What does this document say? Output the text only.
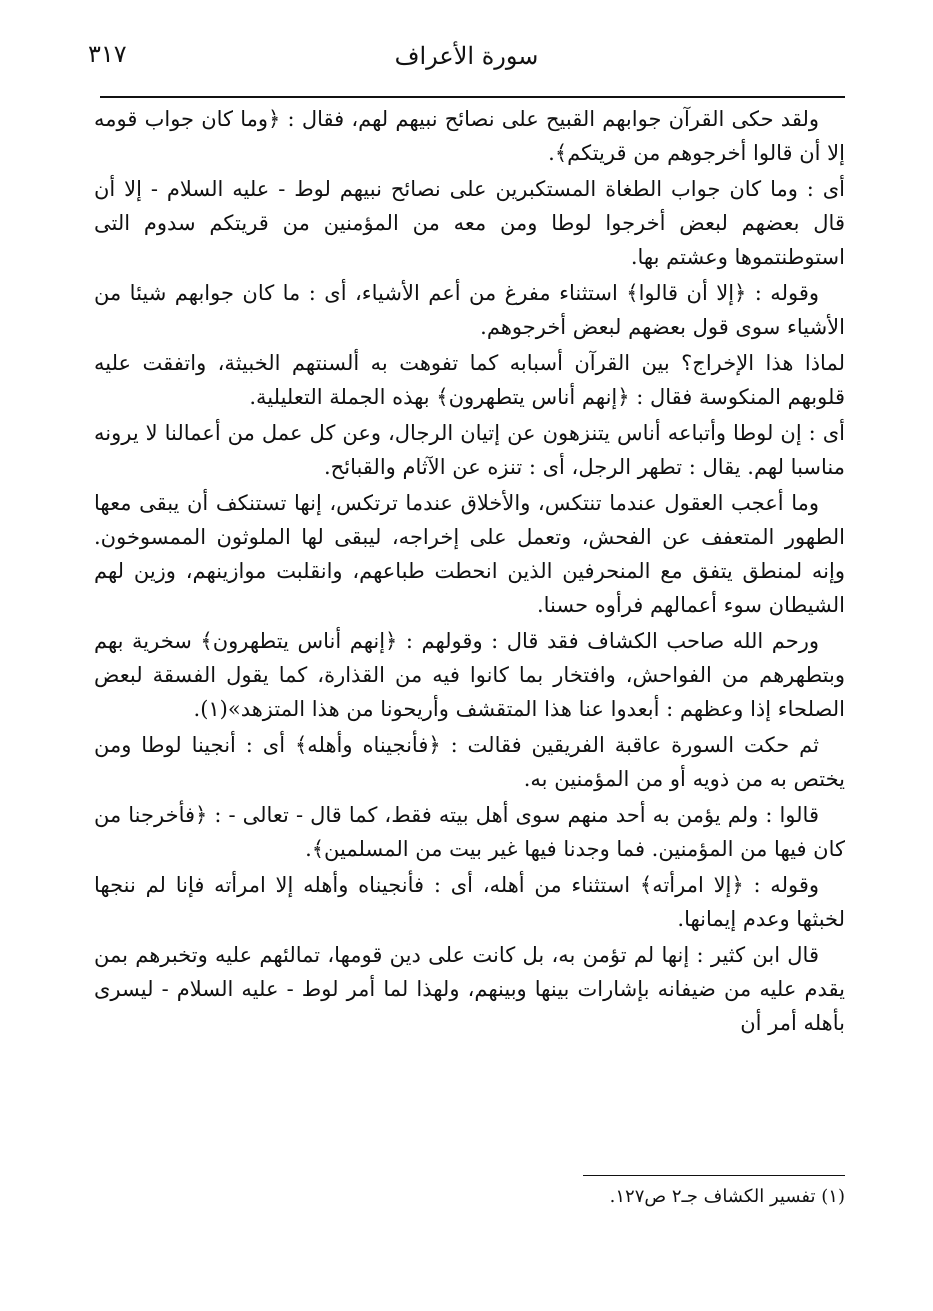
٣١٧	سورة الأعراف

ولقد حكى القرآن جوابهم القبيح على نصائح نبيهم لهم، فقال : ﴿وما كان جواب قومه إلا أن قالوا أخرجوهم من قريتكم﴾.

أى : وما كان جواب الطغاة المستكبرين على نصائح نبيهم لوط - عليه السلام - إلا أن قال بعضهم لبعض أخرجوا لوطا ومن معه من المؤمنين من قريتكم سدوم التى استوطنتموها وعشتم بها.

وقوله : ﴿إلا أن قالوا﴾ استثناء مفرغ من أعم الأشياء، أى : ما كان جوابهم شيئا من الأشياء سوى قول بعضهم لبعض أخرجوهم.

لماذا هذا الإخراج؟ بين القرآن أسبابه كما تفوهت به ألسنتهم الخبيثة، واتفقت عليه قلوبهم المنكوسة فقال : ﴿إنهم أناس يتطهرون﴾ بهذه الجملة التعليلية.

أى : إن لوطا وأتباعه أناس يتنزهون عن إتيان الرجال، وعن كل عمل من أعمالنا لا يرونه مناسبا لهم. يقال : تطهر الرجل، أى : تنزه عن الآثام والقبائح.

وما أعجب العقول عندما تنتكس، والأخلاق عندما ترتكس، إنها تستنكف أن يبقى معها الطهور المتعفف عن الفحش، وتعمل على إخراجه، ليبقى لها الملوثون الممسوخون. وإنه لمنطق يتفق مع المنحرفين الذين انحطت طباعهم، وانقلبت موازينهم، وزين لهم الشيطان سوء أعمالهم فرأوه حسنا.

ورحم الله صاحب الكشاف فقد قال : وقولهم : ﴿إنهم أناس يتطهرون﴾ سخرية بهم وبتطهرهم من الفواحش، وافتخار بما كانوا فيه من القذارة، كما يقول الفسقة لبعض الصلحاء إذا وعظهم : أبعدوا عنا هذا المتقشف وأريحونا من هذا المتزهد»(١).

ثم حكت السورة عاقبة الفريقين فقالت : ﴿فأنجيناه وأهله﴾ أى : أنجينا لوطا ومن يختص به من ذويه أو من المؤمنين به.

قالوا : ولم يؤمن به أحد منهم سوى أهل بيته فقط، كما قال - تعالى - : ﴿فأخرجنا من كان فيها من المؤمنين. فما وجدنا فيها غير بيت من المسلمين﴾.

وقوله : ﴿إلا امرأته﴾ استثناء من أهله، أى : فأنجيناه وأهله إلا امرأته فإنا لم ننجها لخبثها وعدم إيمانها.

قال ابن كثير : إنها لم تؤمن به، بل كانت على دين قومها، تمالئهم عليه وتخبرهم بمن يقدم عليه من ضيفانه بإشارات بينها وبينهم، ولهذا لما أمر لوط - عليه السلام - ليسرى بأهله أمر أن

(١) تفسير الكشاف جـ٢ ص١٢٧.
